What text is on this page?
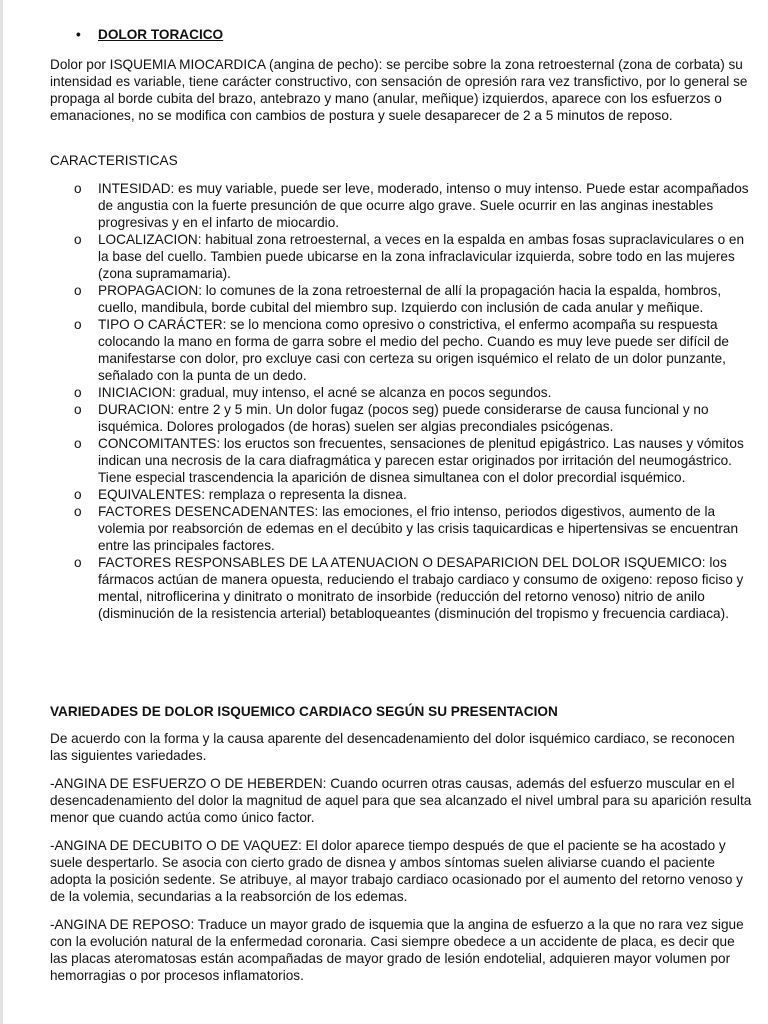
• DOLOR TORACICO

Dolor por ISQUEMIA MIOCARDICA (angina de pecho): se percibe sobre la zona retroesternal (zona de corbata) su intensidad es variable, tiene carácter constructivo, con sensación de opresión rara vez transfictivo, por lo general se propaga al borde cubita del brazo, antebrazo y mano (anular, meñique) izquierdos, aparece con los esfuerzos o emanaciones, no se modifica con cambios de postura y suele desaparecer de 2 a 5 minutos de reposo.

CARACTERISTICAS

o INTESIDAD: es muy variable, puede ser leve, moderado, intenso o muy intenso. Puede estar acompañados de angustia con la fuerte presunción de que ocurre algo grave. Suele ocurrir en las anginas inestables progresivas y en el infarto de miocardio.
o LOCALIZACION: habitual zona retroesternal, a veces en la espalda en ambas fosas supraclaviculares o en la base del cuello. Tambien puede ubicarse en la zona infraclavicular izquierda, sobre todo en las mujeres (zona supramamaria).
o PROPAGACION: lo comunes de la zona retroesternal de allí la propagación hacia la espalda, hombros, cuello, mandibula, borde cubital del miembro sup. Izquierdo con inclusión de cada anular y meñique.
o TIPO O CARÁCTER: se lo menciona como opresivo o constrictiva, el enfermo acompaña su respuesta colocando la mano en forma de garra sobre el medio del pecho. Cuando es muy leve puede ser difícil de manifestarse con dolor, pro excluye casi con certeza su origen isquémico el relato de un dolor punzante, señalado con la punta de un dedo.
o INICIACION: gradual, muy intenso, el acné se alcanza en pocos segundos.
o DURACION: entre 2 y 5 min. Un dolor fugaz (pocos seg) puede considerarse de causa funcional y no isquémica. Dolores prologados (de horas) suelen ser algias precondiales psicógenas.
o CONCOMITANTES: los eructos son frecuentes, sensaciones de plenitud epigástrico. Las nauses y vómitos indican una necrosis de la cara diafragmática y parecen estar originados por irritación del neumogástrico. Tiene especial trascendencia la aparición de disnea simultanea con el dolor precordial isquémico.
o EQUIVALENTES: remplaza o representa la disnea.
o FACTORES DESENCADENANTES: las emociones, el frio intenso, periodos digestivos, aumento de la volemia por reabsorción de edemas en el decúbito y las crisis taquicardicas e hipertensivas se encuentran entre las principales factores.
o FACTORES RESPONSABLES DE LA ATENUACION O DESAPARICION DEL DOLOR ISQUEMICO: los fármacos actúan de manera opuesta, reduciendo el trabajo cardiaco y consumo de oxigeno: reposo ficiso y mental, nitroflicerina y dinitrato o monitrato de insorbide (reducción del retorno venoso) nitrio de anilo (disminución de la resistencia arterial) betabloqueantes (disminución del tropismo y frecuencia cardiaca).

VARIEDADES DE DOLOR ISQUEMICO CARDIACO SEGÚN SU PRESENTACION

De acuerdo con la forma y la causa aparente del desencadenamiento del dolor isquémico cardiaco, se reconocen las siguientes variedades.

-ANGINA DE ESFUERZO O DE HEBERDEN: Cuando ocurren otras causas, además del esfuerzo muscular en el desencadenamiento del dolor la magnitud de aquel para que sea alcanzado el nivel umbral para su aparición resulta menor que cuando actúa como único factor.

-ANGINA DE DECUBITO O DE VAQUEZ: El dolor aparece tiempo después de que el paciente se ha acostado y suele despertarlo. Se asocia con cierto grado de disnea y ambos síntomas suelen aliviarse cuando el paciente adopta la posición sedente. Se atribuye, al mayor trabajo cardiaco ocasionado por el aumento del retorno venoso y de la volemia, secundarias a la reabsorción de los edemas.

-ANGINA DE REPOSO: Traduce un mayor grado de isquemia que la angina de esfuerzo a la que no rara vez sigue con la evolución natural de la enfermedad coronaria. Casi siempre obedece a un accidente de placa, es decir que las placas ateromatosas están acompañadas de mayor grado de lesión endotelial, adquieren mayor volumen por hemorragias o por procesos inflamatorios.
